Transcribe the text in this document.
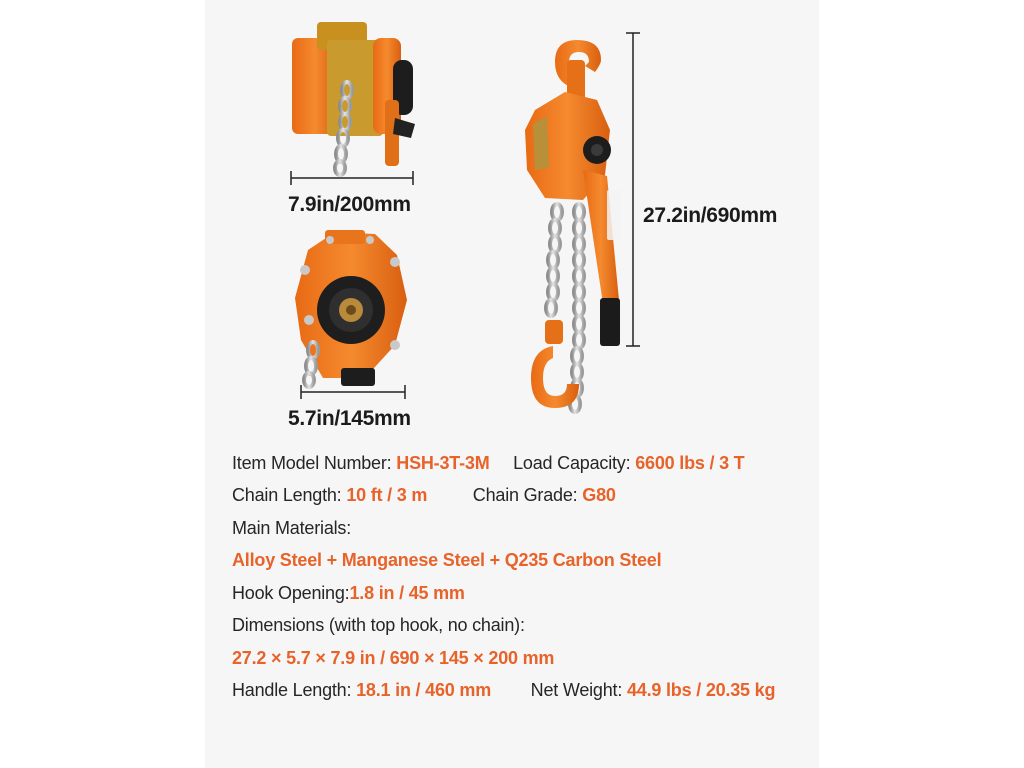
7.9in/200mm
5.7in/145mm
27.2in/690mm
Item Model Number: HSH-3T-3M Load Capacity: 6600 lbs / 3 T
Chain Length: 10 ft / 3 m	Chain Grade: G80
Main Materials:
Alloy Steel + Manganese Steel + Q235 Carbon Steel
Hook Opening:1.8 in / 45 mm
Dimensions (with top hook, no chain):
27.2 × 5.7 × 7.9 in / 690 × 145 × 200 mm
Handle Length: 18.1 in / 460 mm Net Weight: 44.9 lbs / 20.35 kg
